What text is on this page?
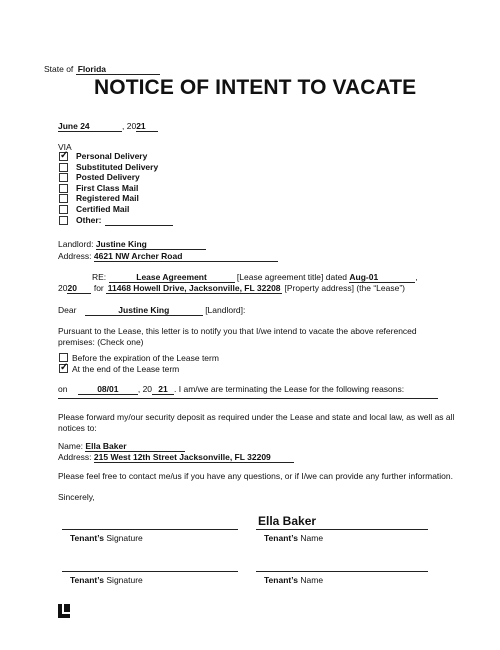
State of Florida
NOTICE OF INTENT TO VACATE
June 24	, 2021
VIA
✓ Personal Delivery
Substituted Delivery
Posted Delivery
First Class Mail
Registered Mail
Certified Mail
Other:
Landlord: Justine King
Address: 4621 NW Archer Road
RE:	Lease Agreement	[Lease agreement title] dated Aug-01	,
2020 for 11468 Howell Drive, Jacksonville, FL 32208 [Property address] (the “Lease”)
Dear	Justine King	[Landlord]:
Pursuant to the Lease, this letter is to notify you that I/we intend to vacate the above referenced
premises: (Check one)
Before the expiration of the Lease term
✓ At the end of the Lease term
on	08/01 , 20 21 . I am/we are terminating the Lease for the following reasons:
Please forward my/our security deposit as required under the Lease and state and local law, as well as all
notices to:
Name: Ella Baker
Address: 215 West 12th Street Jacksonville, FL 32209
Please feel free to contact me/us if you have any questions, or if I/we can provide any further information.
Sincerely,
Tenant’s Signature
Ella Baker
Tenant’s Name
Tenant’s Signature	Tenant’s Name
